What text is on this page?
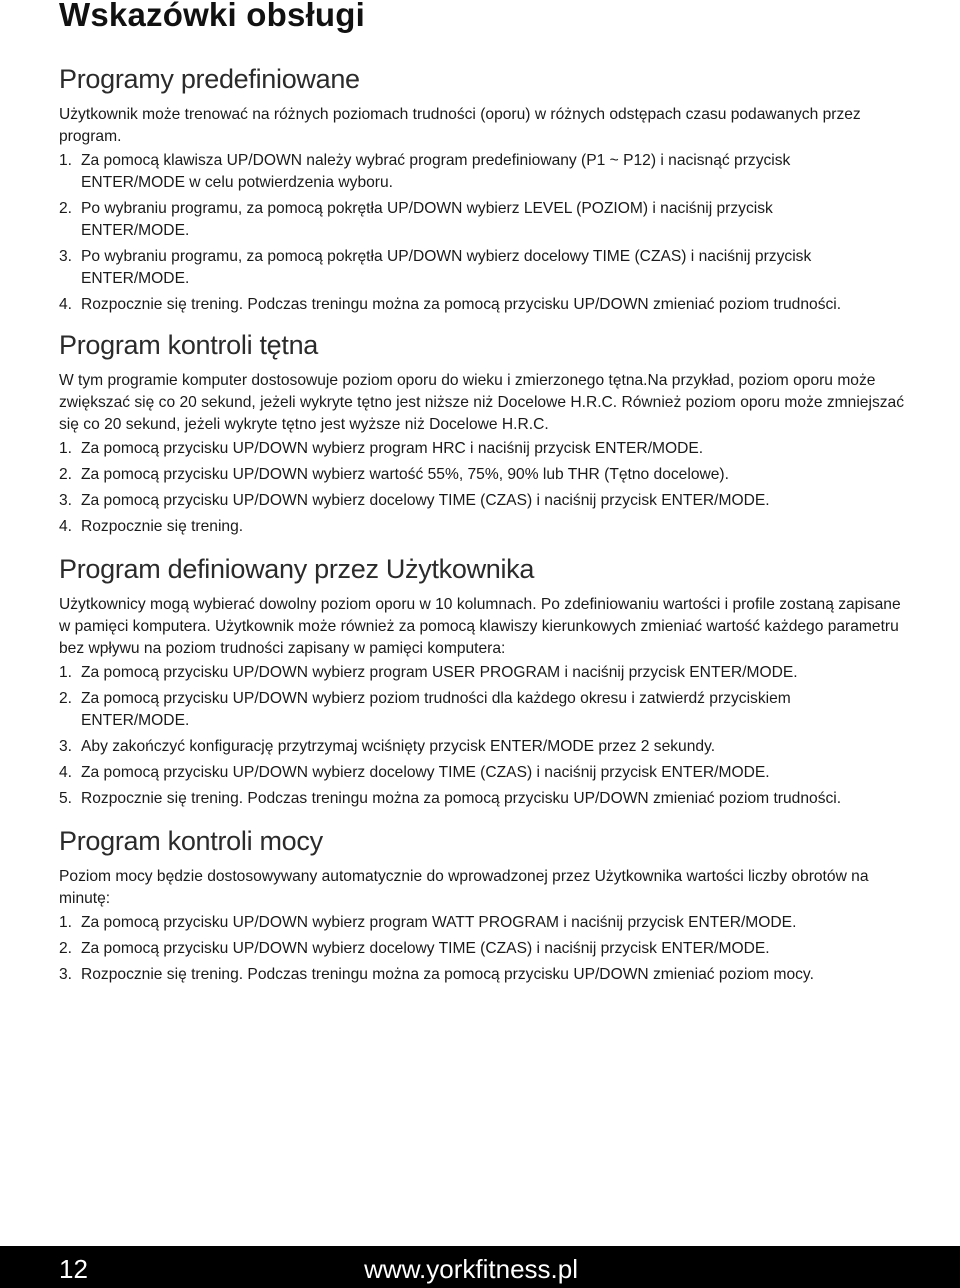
Wskazówki obsługi
Programy predefiniowane

Użytkownik może trenować na różnych poziomach trudności (oporu) w różnych odstępach czasu podawanych przez program.

1. Za pomocą klawisza UP/DOWN należy wybrać program predefiniowany (P1 ~ P12) i nacisnąć przycisk ENTER/MODE w celu potwierdzenia wyboru.
2. Po wybraniu programu, za pomocą pokrętła UP/DOWN wybierz LEVEL (POZIOM) i naciśnij przycisk ENTER/MODE.
3. Po wybraniu programu, za pomocą pokrętła UP/DOWN wybierz docelowy TIME (CZAS) i naciśnij przycisk ENTER/MODE.
4. Rozpocznie się trening. Podczas treningu można za pomocą przycisku UP/DOWN zmieniać poziom trudności.
Program kontroli tętna

W tym programie komputer dostosowuje poziom oporu do wieku i zmierzonego tętna.Na przykład, poziom oporu może zwiększać się co 20 sekund, jeżeli wykryte tętno jest niższe niż Docelowe H.R.C. Również poziom oporu może zmniejszać się co 20 sekund, jeżeli wykryte tętno jest wyższe niż Docelowe H.R.C.

1. Za pomocą przycisku UP/DOWN wybierz program HRC i naciśnij przycisk ENTER/MODE.
2. Za pomocą przycisku UP/DOWN wybierz wartość 55%, 75%, 90% lub THR (Tętno docelowe).
3. Za pomocą przycisku UP/DOWN wybierz docelowy TIME (CZAS) i naciśnij przycisk ENTER/MODE.
4. Rozpocznie się trening.
Program definiowany przez Użytkownika

Użytkownicy mogą wybierać dowolny poziom oporu w 10 kolumnach. Po zdefiniowaniu wartości i profile zostaną zapisane w pamięci komputera. Użytkownik może również za pomocą klawiszy kierunkowych zmieniać wartość każdego parametru bez wpływu na poziom trudności zapisany w pamięci komputera:

1. Za pomocą przycisku UP/DOWN wybierz program USER PROGRAM i naciśnij przycisk ENTER/MODE.
2. Za pomocą przycisku UP/DOWN wybierz poziom trudności dla każdego okresu i zatwierdź przyciskiem ENTER/MODE.
3. Aby zakończyć konfigurację przytrzymaj wciśnięty przycisk ENTER/MODE przez 2 sekundy.
4. Za pomocą przycisku UP/DOWN wybierz docelowy TIME (CZAS) i naciśnij przycisk ENTER/MODE.
5. Rozpocznie się trening. Podczas treningu można za pomocą przycisku UP/DOWN zmieniać poziom trudności.
Program kontroli mocy

Poziom mocy będzie dostosowywany automatycznie do wprowadzonej przez Użytkownika wartości liczby obrotów na minutę:

1. Za pomocą przycisku UP/DOWN wybierz program WATT PROGRAM i naciśnij przycisk ENTER/MODE.
2. Za pomocą przycisku UP/DOWN wybierz docelowy TIME (CZAS) i naciśnij przycisk ENTER/MODE.
3. Rozpocznie się trening. Podczas treningu można za pomocą przycisku UP/DOWN zmieniać poziom mocy.
12	www.yorkfitness.pl
